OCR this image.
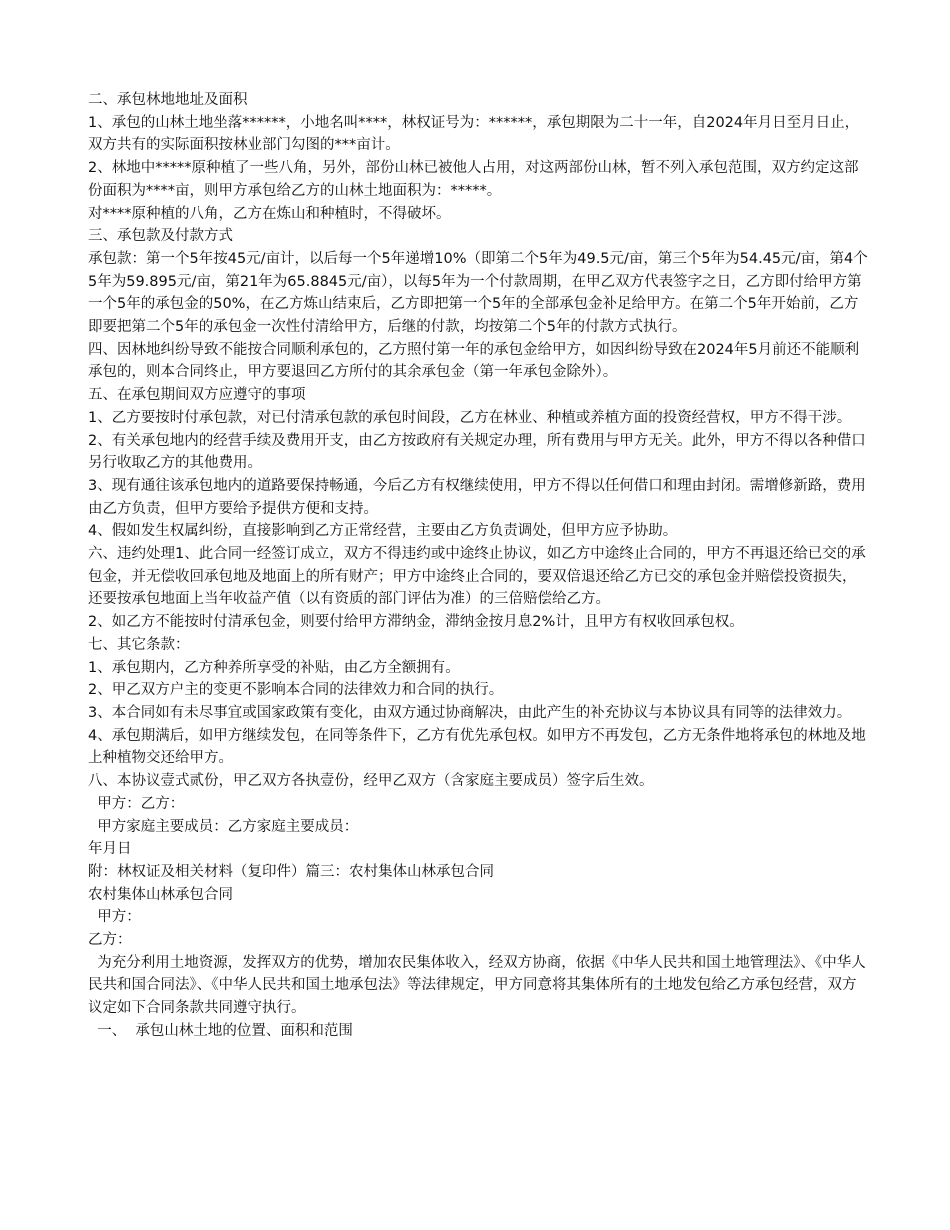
二、承包林地地址及面积

1、承包的山林土地坐落******，小地名叫****，林权证号为：******，承包期限为二十一年，自2024年月日至月日止，双方共有的实际面积按林业部门勾图的***亩计。

2、林地中*****原种植了一些八角，另外，部份山林已被他人占用，对这两部份山林，暂不列入承包范围，双方约定这部份面积为****亩，则甲方承包给乙方的山林土地面积为：*****。

对****原种植的八角，乙方在炼山和种植时，不得破坏。

三、承包款及付款方式

承包款：第一个5年按45元/亩计，以后每一个5年递增10%（即第二个5年为49.5元/亩，第三个5年为54.45元/亩，第4个5年为59.895元/亩，第21年为65.8845元/亩），以每5年为一个付款周期，在甲乙双方代表签字之日，乙方即付给甲方第一个5年的承包金的50%，在乙方炼山结束后，乙方即把第一个5年的全部承包金补足给甲方。在第二个5年开始前，乙方即要把第二个5年的承包金一次性付清给甲方，后继的付款，均按第二个5年的付款方式执行。

四、因林地纠纷导致不能按合同顺利承包的，乙方照付第一年的承包金给甲方，如因纠纷导致在2024年5月前还不能顺利承包的，则本合同终止，甲方要退回乙方所付的其余承包金（第一年承包金除外）。

五、在承包期间双方应遵守的事项

1、乙方要按时付承包款，对已付清承包款的承包时间段，乙方在林业、种植或养植方面的投资经营权，甲方不得干涉。

2、有关承包地内的经营手续及费用开支，由乙方按政府有关规定办理，所有费用与甲方无关。此外，甲方不得以各种借口另行收取乙方的其他费用。

3、现有通往该承包地内的道路要保持畅通，今后乙方有权继续使用，甲方不得以任何借口和理由封闭。需增修新路，费用由乙方负责，但甲方要给予提供方便和支持。

4、假如发生权属纠纷，直接影响到乙方正常经营，主要由乙方负责调处，但甲方应予协助。

六、违约处理1、此合同一经签订成立，双方不得违约或中途终止协议，如乙方中途终止合同的，甲方不再退还给已交的承包金，并无偿收回承包地及地面上的所有财产；甲方中途终止合同的，要双倍退还给乙方已交的承包金并赔偿投资损失，还要按承包地面上当年收益产值（以有资质的部门评估为准）的三倍赔偿给乙方。

2、如乙方不能按时付清承包金，则要付给甲方滞纳金，滞纳金按月息2%计，且甲方有权收回承包权。

七、其它条款：

1、承包期内，乙方种养所享受的补贴，由乙方全额拥有。

2、甲乙双方户主的变更不影响本合同的法律效力和合同的执行。

3、本合同如有未尽事宜或国家政策有变化，由双方通过协商解决，由此产生的补充协议与本协议具有同等的法律效力。

4、承包期满后，如甲方继续发包，在同等条件下，乙方有优先承包权。如甲方不再发包，乙方无条件地将承包的林地及地上种植物交还给甲方。

八、本协议壹式贰份，甲乙双方各执壹份，经甲乙双方（含家庭主要成员）签字后生效。

甲方：乙方：

甲方家庭主要成员：乙方家庭主要成员：

年月日

附：林权证及相关材料（复印件）篇三：农村集体山林承包合同

农村集体山林承包合同

甲方：

乙方：

为充分利用土地资源，发挥双方的优势，增加农民集体收入，经双方协商，依据《中华人民共和国土地管理法》、《中华人民共和国合同法》、《中华人民共和国土地承包法》等法律规定，甲方同意将其集体所有的土地发包给乙方承包经营，双方议定如下合同条款共同遵守执行。

一、  承包山林土地的位置、面积和范围
